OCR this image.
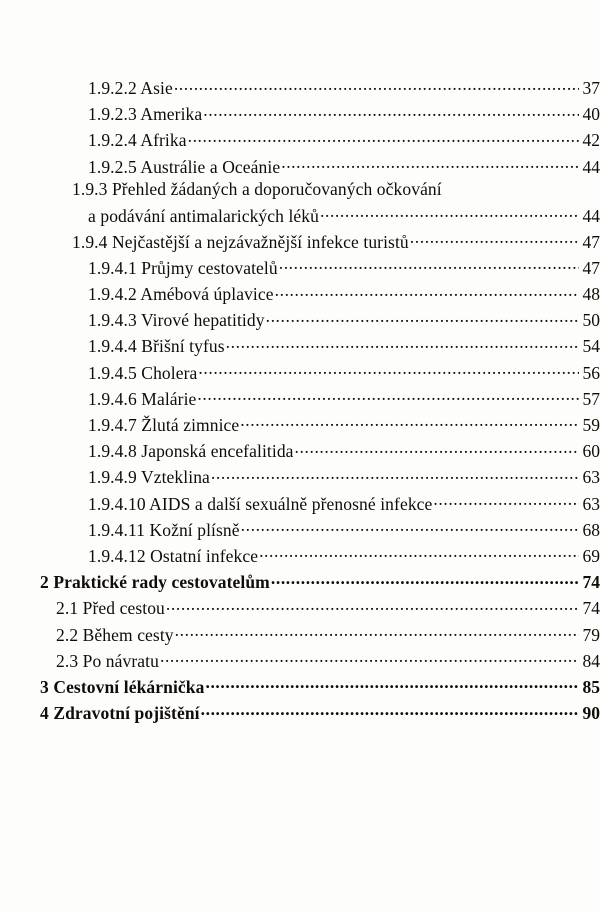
1.9.2.2 Asie .....	37
1.9.2.3 Amerika .....	40
1.9.2.4 Afrika .....	42
1.9.2.5 Austrálie a Oceánie .....	44
1.9.3 Přehled žádaných a doporučovaných očkování
a podávání antimalarických léků .....	44
1.9.4 Nejčastější a nejzávažnější infekce turistů .....	47
1.9.4.1 Průjmy cestovatelů .....	47
1.9.4.2 Amébová úplavice .....	48
1.9.4.3 Virové hepatitidy .....	50
1.9.4.4 Břišní tyfus .....	54
1.9.4.5 Cholera .....	56
1.9.4.6 Malárie .....	57
1.9.4.7 Žlutá zimnice .....	59
1.9.4.8 Japonská encefalitida .....	60
1.9.4.9 Vzteklina .....	63
1.9.4.10 AIDS a další sexuálně přenosné infekce .....	63
1.9.4.11 Kožní plísně .....	68
1.9.4.12 Ostatní infekce .....	69
2 Praktické rady cestovatelům .....	74
2.1 Před cestou .....	74
2.2 Během cesty .....	79
2.3 Po návratu .....	84
3 Cestovní lékárnička .....	85
4 Zdravotní pojištění .....	90
